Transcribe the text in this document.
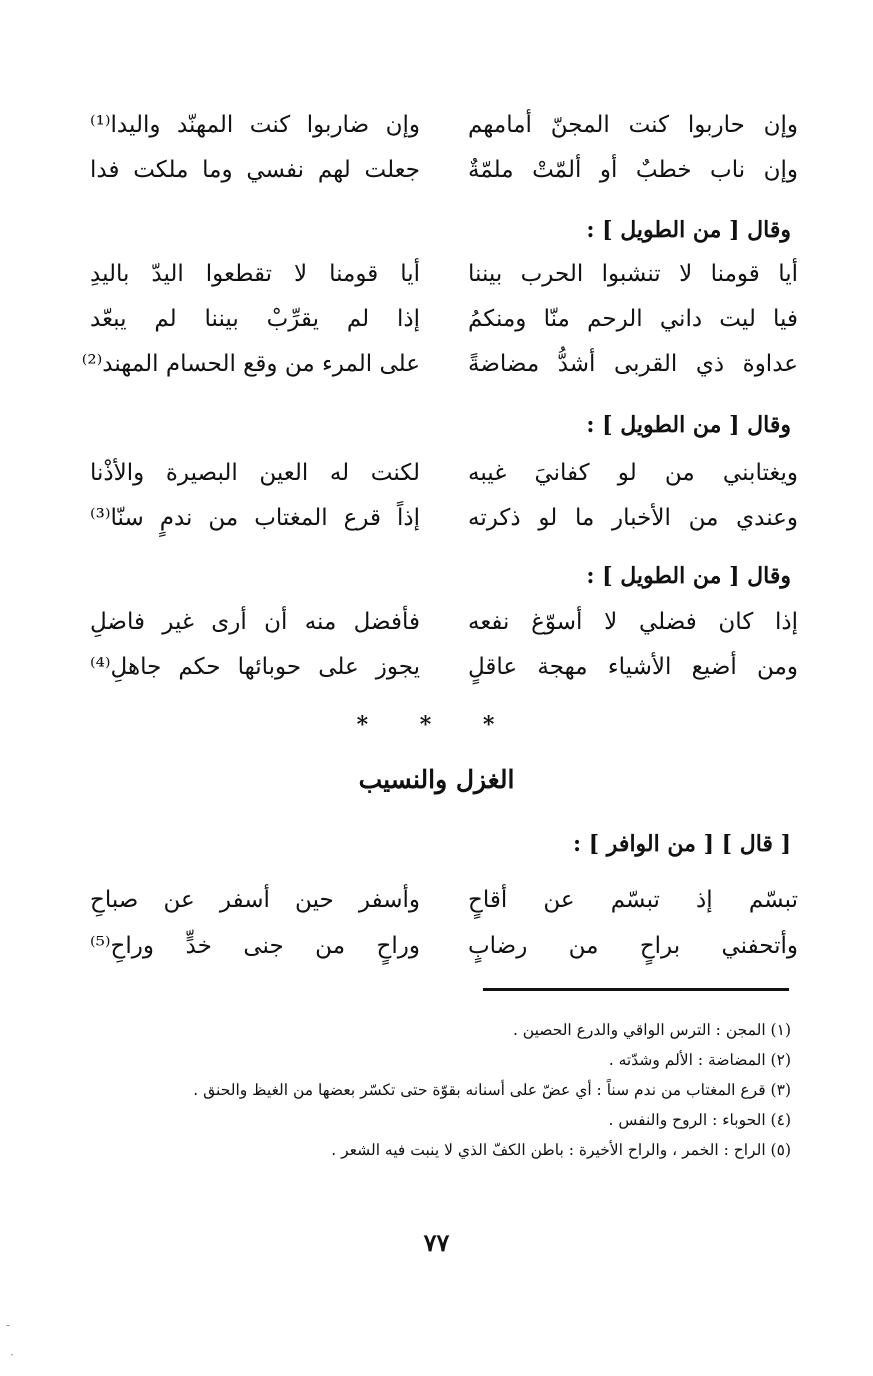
وإن حاربوا كنت المجنّ أمامهم
وإن ضاربوا كنت المهنّد واليدا⁽¹⁾
وإن ناب خطبٌ أو ألمّتْ ملمّةٌ
جعلت لهم نفسي وما ملكت فدا
وقال [ من الطويل ] :
أيا قومنا لا تنشبوا الحرب بيننا
أيا قومنا لا تقطعوا اليدّ باليدِ
فيا ليت داني الرحم منّا ومنكمُ
إذا لم يقرِّبْ بيننا لم يبعّد
عداوة ذي القربى أشدُّ مضاضةً
على المرء من وقع الحسام المهند⁽²⁾
وقال [ من الطويل ] :
ويغتابني من لو كفانيَ غيبه
لكنت له العين البصيرة والأذْنا
وعندي من الأخبار ما لو ذكرته
إذاً قرع المغتاب من ندمٍ سنّا⁽³⁾
وقال [ من الطويل ] :
إذا كان فضلي لا أسوّغ نفعه
فأفضل منه أن أرى غير فاضلِ
ومن أضيع الأشياء مهجة عاقلٍ
يجوز على حوبائها حكم جاهلِ⁽⁴⁾
* * *
الغزل والنسيب
[ قال ] [ من الوافر ] :
تبسّم إذ تبسّم عن أقاحٍ
وأسفر حين أسفر عن صباحِ
وأتحفني براحٍ من رضابٍ
وراحٍ من جنى خدٍّ وراحِ⁽⁵⁾
(١) المجن : الترس الواقي والدرع الحصين .
(٢) المضاضة : الألم وشدّته .
(٣) قرع المغتاب من ندم سناً : أي عضّ على أسنانه بقوّة حتى تكسّر بعضها من الغيظ والحنق .
(٤) الحوباء : الروح والنفس .
(٥) الراح : الخمر ، والراح الأخيرة : باطن الكفّ الذي لا ينبت فيه الشعر .
٧٧
-
·
